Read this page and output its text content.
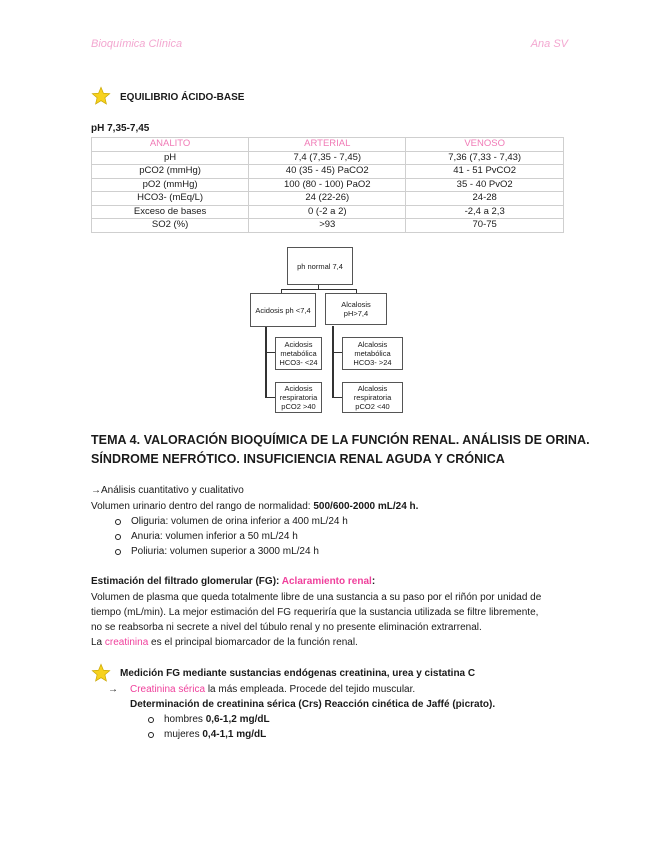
Bioquímica Clínica	Ana SV
EQUILIBRIO ÁCIDO-BASE
pH 7,35-7,45
ANALITO	ARTERIAL	VENOSO
pH	7,4 (7,35 - 7,45)	7,36 (7,33 - 7,43)
pCO2 (mmHg)	40 (35 - 45) PaCO2	41 - 51 PvCO2
pO2 (mmHg)	100 (80 - 100) PaO2	35 - 40 PvO2
HCO3- (mEq/L)	24 (22-26)	24-28
Exceso de bases	0 (-2 a 2)	-2,4 a 2,3
SO2 (%)	>93	70-75
ph normal 7,4
Acidosis ph <7,4
Alcalosis pH>7,4
Acidosis metabólica HCO3- <24
Acidosis respiratoria pCO2 >40
Alcalosis metabólica HCO3- >24
Alcalosis respiratoria pCO2 <40
TEMA 4. VALORACIÓN BIOQUÍMICA DE LA FUNCIÓN RENAL. ANÁLISIS DE ORINA.
SÍNDROME NEFRÓTICO. INSUFICIENCIA RENAL AGUDA Y CRÓNICA
→Análisis cuantitativo y cualitativo
Volumen urinario dentro del rango de normalidad: 500/600-2000 mL/24 h.
Oliguria: volumen de orina inferior a 400 mL/24 h
Anuria: volumen inferior a 50 mL/24 h
Poliuria: volumen superior a 3000 mL/24 h
Estimación del filtrado glomerular (FG): Aclaramiento renal:
Volumen de plasma que queda totalmente libre de una sustancia a su paso por el riñón por unidad de
tiempo (mL/min). La mejor estimación del FG requeriría que la sustancia utilizada se filtre libremente,
no se reabsorba ni secrete a nivel del túbulo renal y no presente eliminación extrarrenal.
La creatinina es el principal biomarcador de la función renal.
Medición FG mediante sustancias endógenas creatinina, urea y cistatina C
→ Creatinina sérica la más empleada. Procede del tejido muscular.
Determinación de creatinina sérica (Crs) Reacción cinética de Jaffé (picrato).
hombres 0,6-1,2 mg/dL
mujeres 0,4-1,1 mg/dL
